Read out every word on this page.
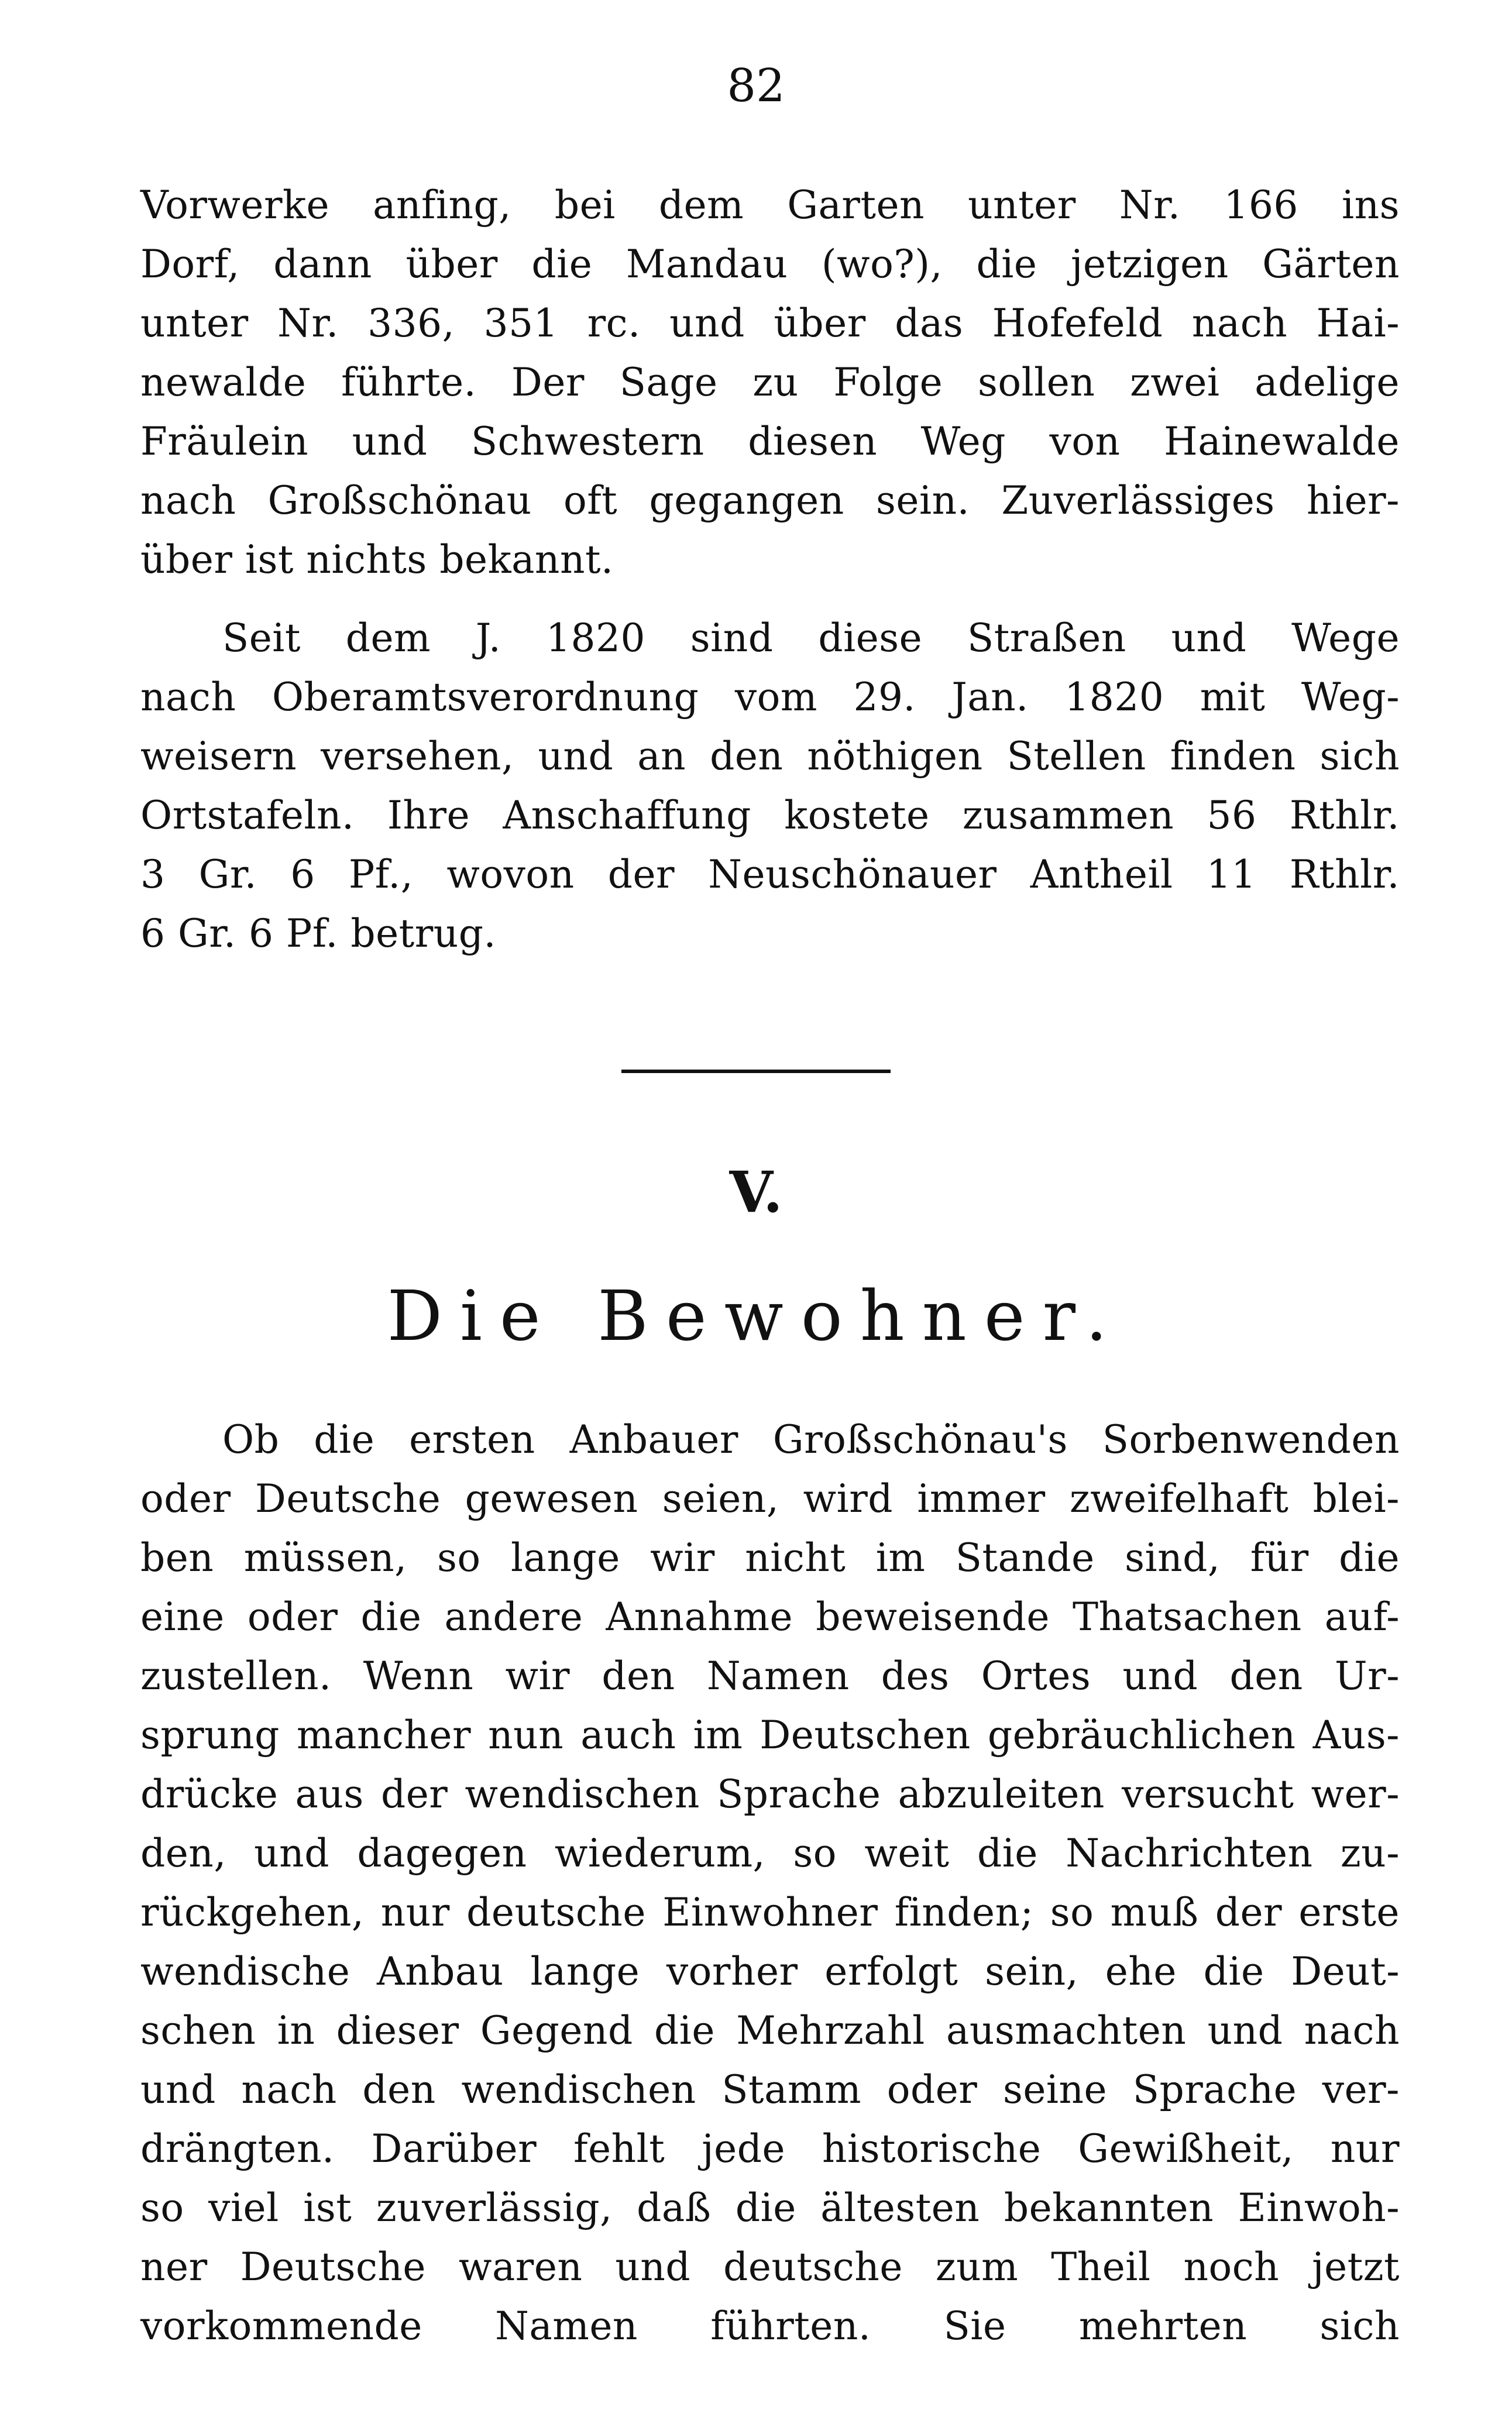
82
Vorwerke anfing, bei dem Garten unter Nr. 166 ins
Dorf, dann über die Mandau (wo?), die jetzigen Gärten
unter Nr. 336, 351 rc. und über das Hofefeld nach Hai-
newalde führte. Der Sage zu Folge sollen zwei adelige
Fräulein und Schwestern diesen Weg von Hainewalde
nach Großschönau oft gegangen sein. Zuverlässiges hier-
über ist nichts bekannt.
Seit dem J. 1820 sind diese Straßen und Wege
nach Oberamtsverordnung vom 29. Jan. 1820 mit Weg-
weisern versehen, und an den nöthigen Stellen finden sich
Ortstafeln. Ihre Anschaffung kostete zusammen 56 Rthlr.
3 Gr. 6 Pf., wovon der Neuschönauer Antheil 11 Rthlr.
6 Gr. 6 Pf. betrug.
V.
Die Bewohner.
Ob die ersten Anbauer Großschönau's Sorbenwenden
oder Deutsche gewesen seien, wird immer zweifelhaft blei-
ben müssen, so lange wir nicht im Stande sind, für die
eine oder die andere Annahme beweisende Thatsachen auf-
zustellen. Wenn wir den Namen des Ortes und den Ur-
sprung mancher nun auch im Deutschen gebräuchlichen Aus-
drücke aus der wendischen Sprache abzuleiten versucht wer-
den, und dagegen wiederum, so weit die Nachrichten zu-
rückgehen, nur deutsche Einwohner finden; so muß der erste
wendische Anbau lange vorher erfolgt sein, ehe die Deut-
schen in dieser Gegend die Mehrzahl ausmachten und nach
und nach den wendischen Stamm oder seine Sprache ver-
drängten. Darüber fehlt jede historische Gewißheit, nur
so viel ist zuverlässig, daß die ältesten bekannten Einwoh-
ner Deutsche waren und deutsche zum Theil noch jetzt
vorkommende Namen führten. Sie mehrten sich
